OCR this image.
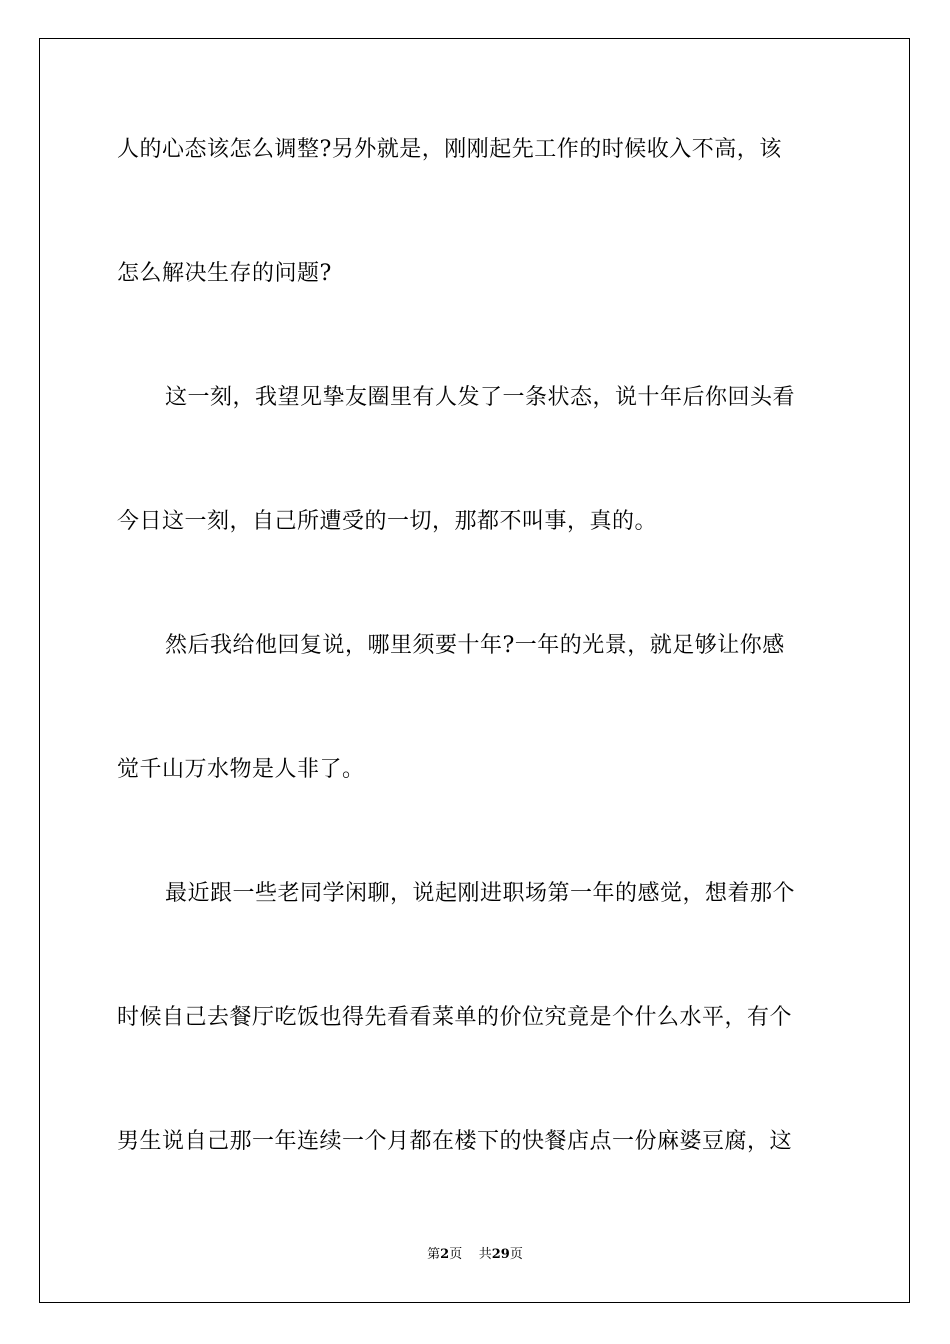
人的心态该怎么调整?另外就是，刚刚起先工作的时候收入不高，该
怎么解决生存的问题?
这一刻，我望见挚友圈里有人发了一条状态，说十年后你回头看
今日这一刻，自己所遭受的一切，那都不叫事，真的。
然后我给他回复说，哪里须要十年?一年的光景，就足够让你感
觉千山万水物是人非了。
最近跟一些老同学闲聊，说起刚进职场第一年的感觉，想着那个
时候自己去餐厅吃饭也得先看看菜单的价位究竟是个什么水平，有个
男生说自己那一年连续一个月都在楼下的快餐店点一份麻婆豆腐，这
第2页 共29页
